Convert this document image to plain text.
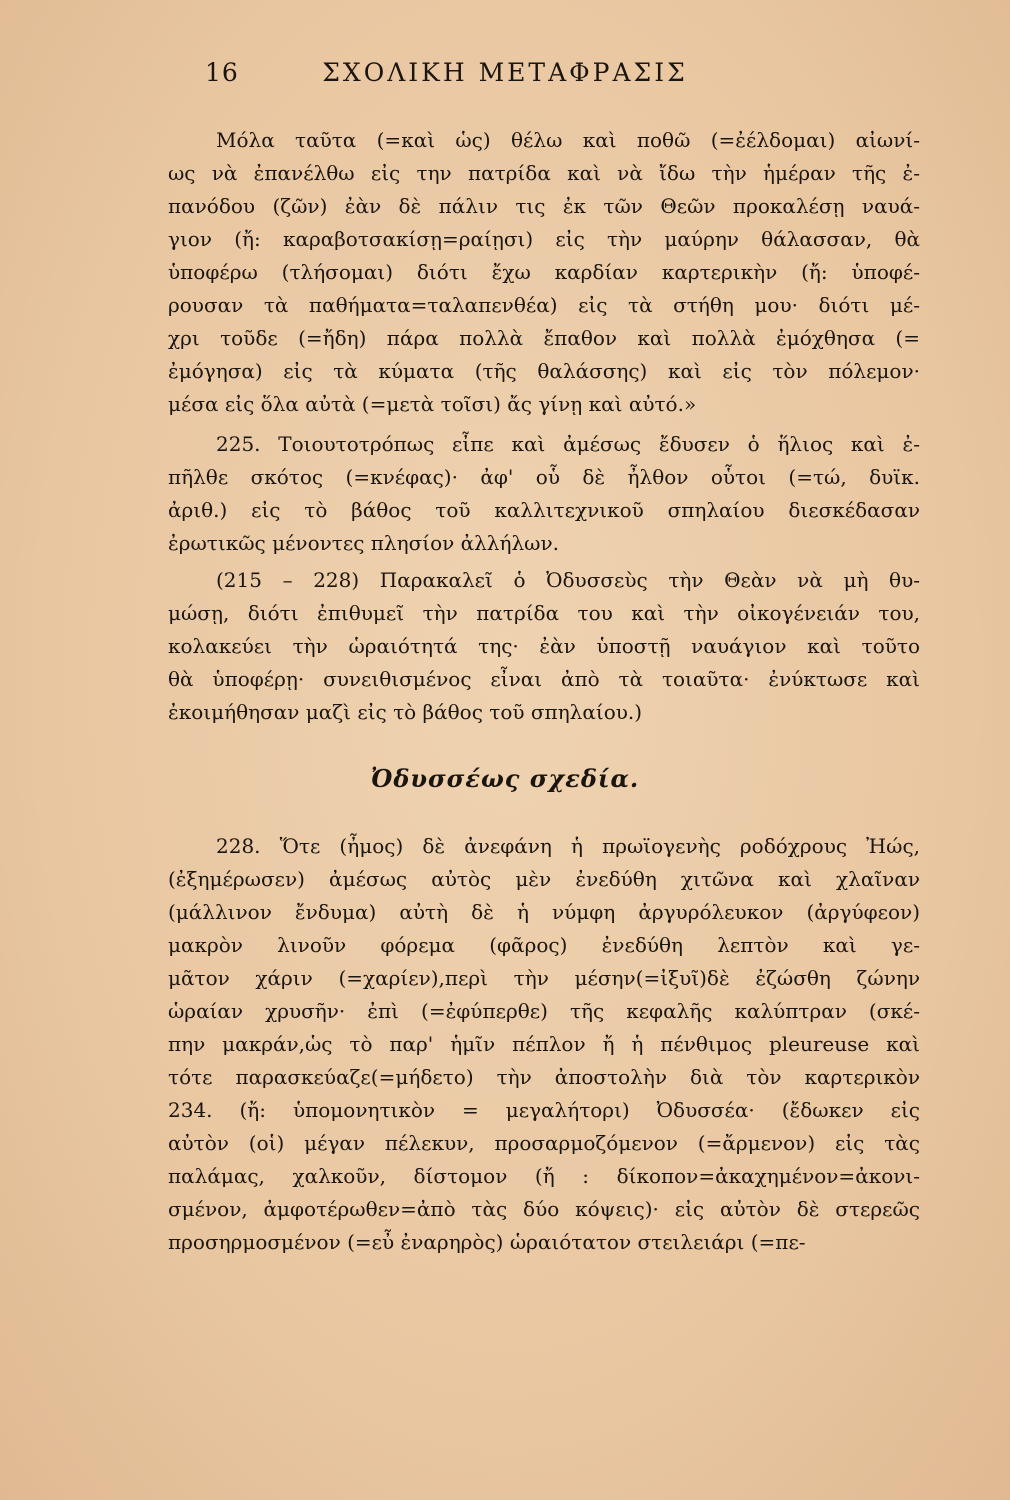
16	ΣΧΟΛΙΚΗ ΜΕΤΑΦΡΑΣΙΣ
Μόλα ταῦτα (=καὶ ὡς) θέλω καὶ ποθῶ (=ἐέλδομαι) αἰωνί-
ως νὰ ἐπανέλθω εἰς την πατρίδα καὶ νὰ ἴδω τὴν ἡμέραν τῆς ἐ-
πανόδου (ζῶν) ἐὰν δὲ πάλιν τις ἐκ τῶν Θεῶν προκαλέσῃ ναυά-
γιον (ἤ: καραβοτσακίσῃ=ραίῃσι) εἰς τὴν μαύρην θάλασσαν, θὰ
ὑποφέρω (τλήσομαι) διότι ἔχω καρδίαν καρτερικὴν (ἤ: ὑποφέ-
ρουσαν τὰ παθήματα=ταλαπενθέα) εἰς τὰ στήθη μου· διότι μέ-
χρι τοῦδε (=ἤδη) πάρα πολλὰ ἔπαθον καὶ πολλὰ ἐμόχθησα (=
ἐμόγησα) εἰς τὰ κύματα (τῆς θαλάσσης) καὶ εἰς τὸν πόλεμον·
μέσα εἰς ὅλα αὐτὰ (=μετὰ τοῖσι) ἄς γίνῃ καὶ αὐτό.»
225. Τοιουτοτρόπως εἶπε καὶ ἀμέσως ἔδυσεν ὁ ἥλιος καὶ ἐ-
πῆλθε σκότος (=κνέφας)· ἀφ' οὗ δὲ ἦλθον οὗτοι (=τώ, δυϊκ.
ἀριθ.) εἰς τὸ βάθος τοῦ καλλιτεχνικοῦ σπηλαίου διεσκέδασαν
ἐρωτικῶς μένοντες πλησίον ἀλλήλων.
(215 – 228) Παρακαλεῖ ὁ Ὀδυσσεὺς τὴν Θεὰν νὰ μὴ θυ-
μώσῃ, διότι ἐπιθυμεῖ τὴν πατρίδα του καὶ τὴν οἰκογένειάν του,
κολακεύει τὴν ὡραιότητά της· ἐὰν ὑποστῇ ναυάγιον καὶ τοῦτο
θὰ ὑποφέρῃ· συνειθισμένος εἶναι ἀπὸ τὰ τοιαῦτα· ἐνύκτωσε καὶ
ἐκοιμήθησαν μαζὶ εἰς τὸ βάθος τοῦ σπηλαίου.)
Ὀδυσσέως σχεδία.
228. Ὅτε (ἦμος) δὲ ἀνεφάνη ἡ πρωϊογενὴς ροδόχρους Ἠώς,
(ἐξημέρωσεν) ἀμέσως αὐτὸς μὲν ἐνεδύθη χιτῶνα καὶ χλαῖναν
(μάλλινον ἔνδυμα) αὐτὴ δὲ ἡ νύμφη ἀργυρόλευκον (ἀργύφεον)
μακρὸν λινοῦν φόρεμα (φᾶρος) ἐνεδύθη λεπτὸν καὶ γε-
μᾶτον χάριν (=χαρίεν),περὶ τὴν μέσην(=ἰξυῖ)δὲ ἐζώσθη ζώνην
ὡραίαν χρυσῆν· ἐπὶ (=ἐφύπερθε) τῆς κεφαλῆς καλύπτραν (σκέ-
πην μακράν,ὡς τὸ παρ' ἡμῖν πέπλον ἤ ἡ πένθιμος pleureuse καὶ
τότε παρασκεύαζε(=μήδετο) τὴν ἀποστολὴν διὰ τὸν καρτερικὸν
234. (ἤ: ὑπομονητικὸν = μεγαλήτορι) Ὀδυσσέα· (ἔδωκεν εἰς
αὐτὸν (οἱ) μέγαν πέλεκυν, προσαρμοζόμενον (=ἄρμενον) εἰς τὰς
παλάμας, χαλκοῦν, δίστομον (ἤ : δίκοπον=ἀκαχημένον=ἀκονι-
σμένον, ἀμφοτέρωθεν=ἀπὸ τὰς δύο κόψεις)· εἰς αὐτὸν δὲ στερεῶς
προσηρμοσμένον (=εὖ ἐναρηρὸς) ὡραιότατον στειλειάρι (=πε-
